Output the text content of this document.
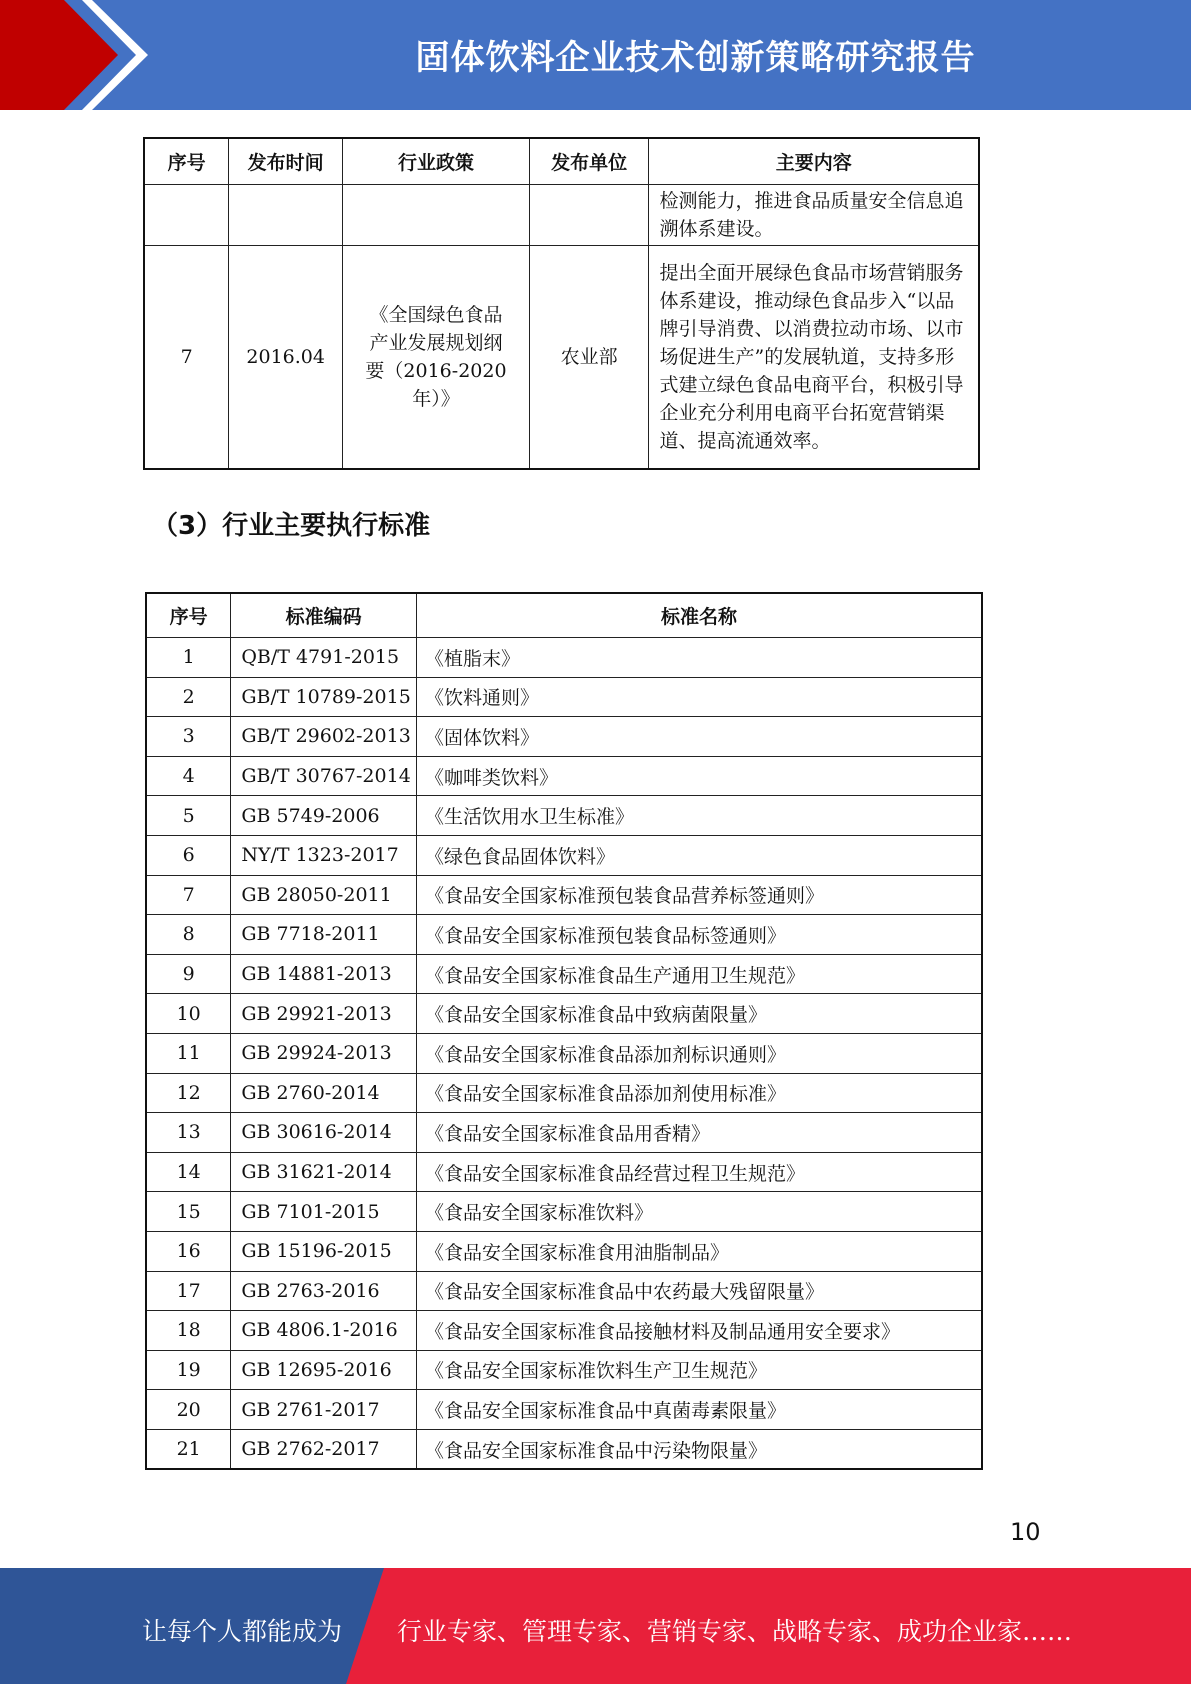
固体饮料企业技术创新策略研究报告
序号	发布时间	行业政策	发布单位	主要内容
				检测能力，推进食品质量安全信息追溯体系建设。
7	2016.04	《全国绿色食品产业发展规划纲要（2016-2020年）》	农业部	提出全面开展绿色食品市场营销服务体系建设，推动绿色食品步入“以品牌引导消费、以消费拉动市场、以市场促进生产”的发展轨道，支持多形式建立绿色食品电商平台，积极引导企业充分利用电商平台拓宽营销渠道、提高流通效率。
（3）行业主要执行标准
序号	标准编码	标准名称
1	QB/T 4791-2015	《植脂末》
2	GB/T 10789-2015	《饮料通则》
3	GB/T 29602-2013	《固体饮料》
4	GB/T 30767-2014	《咖啡类饮料》
5	GB 5749-2006	《生活饮用水卫生标准》
6	NY/T 1323-2017	《绿色食品固体饮料》
7	GB 28050-2011	《食品安全国家标准预包装食品营养标签通则》
8	GB 7718-2011	《食品安全国家标准预包装食品标签通则》
9	GB 14881-2013	《食品安全国家标准食品生产通用卫生规范》
10	GB 29921-2013	《食品安全国家标准食品中致病菌限量》
11	GB 29924-2013	《食品安全国家标准食品添加剂标识通则》
12	GB 2760-2014	《食品安全国家标准食品添加剂使用标准》
13	GB 30616-2014	《食品安全国家标准食品用香精》
14	GB 31621-2014	《食品安全国家标准食品经营过程卫生规范》
15	GB 7101-2015	《食品安全国家标准饮料》
16	GB 15196-2015	《食品安全国家标准食用油脂制品》
17	GB 2763-2016	《食品安全国家标准食品中农药最大残留限量》
18	GB 4806.1-2016	《食品安全国家标准食品接触材料及制品通用安全要求》
19	GB 12695-2016	《食品安全国家标准饮料生产卫生规范》
20	GB 2761-2017	《食品安全国家标准食品中真菌毒素限量》
21	GB 2762-2017	《食品安全国家标准食品中污染物限量》
10
让每个人都能成为 行业专家、管理专家、营销专家、战略专家、成功企业家……
